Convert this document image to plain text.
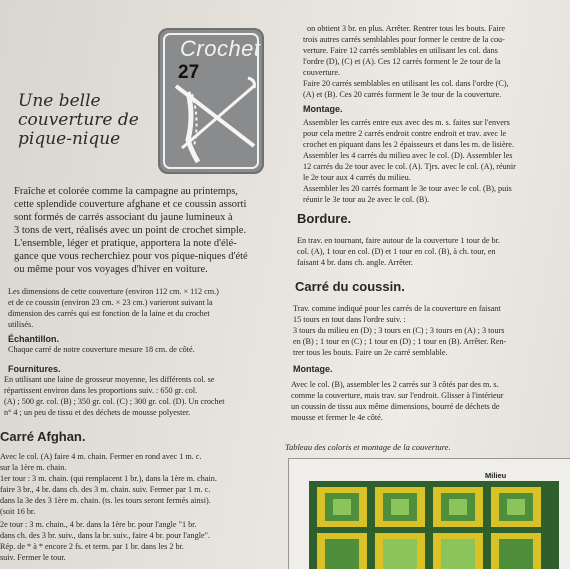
Crochet
27
Une belle couverture de pique-nique
Fraîche et colorée comme la campagne au printemps,
cette splendide couverture afghane et ce coussin assorti
sont formés de carrés associant du jaune lumineux à
3 tons de vert, réalisés avec un point de crochet simple.
L'ensemble, léger et pratique, apportera la note d'élé-
gance que vous recherchiez pour vos pique-niques d'été
ou même pour vos voyages d'hiver en voiture.
Les dimensions de cette couverture (environ 112 cm. × 112 cm.)
et de ce coussin (environ 23 cm. × 23 cm.) varieront suivant la
dimension des carrés qui est fonction de la laine et du crochet
utilisés.
Échantillon.
Chaque carré de notre couverture mesure 18 cm. de côté.
Fournitures.
En utilisant une laine de grosseur moyenne, les différents col. se
répartissent environ dans les proportions suiv. : 650 gr. col.
(A) ; 500 gr. col. (B) ; 350 gr. col. (C) ; 300 gr. col. (D). Un crochet
n° 4 ; un peu de tissu et des déchets de mousse polyester.
Carré Afghan.
Avec le col. (A) faire 4 m. chain. Fermer en rond avec 1 m. c.
sur la 1ère m. chain.
1er tour : 3 m. chain. (qui remplacent 1 br.), dans la 1ère m. chain.
faire 3 br., 4 br. dans ch. des 3 m. chain. suiv. Fermer par 1 m. c.
dans la 3e des 3 1ère m. chain. (ts. les tours seront fermés ainsi).
(soit 16 br.
2e tour : 3 m. chain., 4 br. dans la 1ère br. pour l'angle "1 br.
dans ch. des 3 br. suiv., dans la br. suiv., faire 4 br. pour l'angle".
Rép. de * à * encore 2 fs. et term. par 1 br. dans les 2 br.
suiv. Fermer le tour.
on obtient 3 br. en plus. Arrêter. Rentrer tous les bouts. Faire
trois autres carrés semblables pour former le centre de la cou-
verture. Faire 12 carrés semblables en utilisant les col. dans
l'ordre (D), (C) et (A). Ces 12 carrés forment le 2e tour de la
couverture.
Faire 20 carrés semblables en utilisant les col. dans l'ordre (C),
(A) et (B). Ces 20 carrés forment le 3e tour de la couverture.
Montage.
Assembler les carrés entre eux avec des m. s. faites sur l'envers
pour cela mettre 2 carrés endroit contre endroit et trav. avec le
crochet en piquant dans les 2 épaisseurs et dans les m. de lisière.
Assembler les 4 carrés du milieu avec le col. (D). Assembler les
12 carrés du 2e tour avec le col. (A). Tjrs. avec le col. (A), réunir
le 2e tour aux 4 carrés du milieu.
Assembler les 20 carrés formant le 3e tour avec le col. (B), puis
réunir le 3e tour au 2e avec le col. (B).
Bordure.
En trav. en tournant, faire autour de la couverture 1 tour de br.
col. (A), 1 tour en col. (D) et 1 tour en col. (B), à ch. tour, en
faisant 4 br. dans ch. angle. Arrêter.
Carré du coussin.
Trav. comme indiqué pour les carrés de la couverture en faisant
15 tours en tout dans l'ordre suiv. :
3 tours du milieu en (D) ; 3 tours en (C) ; 3 tours en (A) ; 3 tours
en (B) ; 1 tour en (C) ; 1 tour en (D) ; 1 tour en (B). Arrêter. Ren-
trer tous les bouts. Faire un 2e carré semblable.
Montage.
Avec le col. (B), assembler les 2 carrés sur 3 côtés par des m. s.
comme la couverture, mais trav. sur l'endroit. Glisser à l'intérieur
un coussin de tissu aux même dimensions, bourré de déchets de
mousse et fermer le 4e côté.
Tableau des coloris et montage de la couverture.
Milieu
